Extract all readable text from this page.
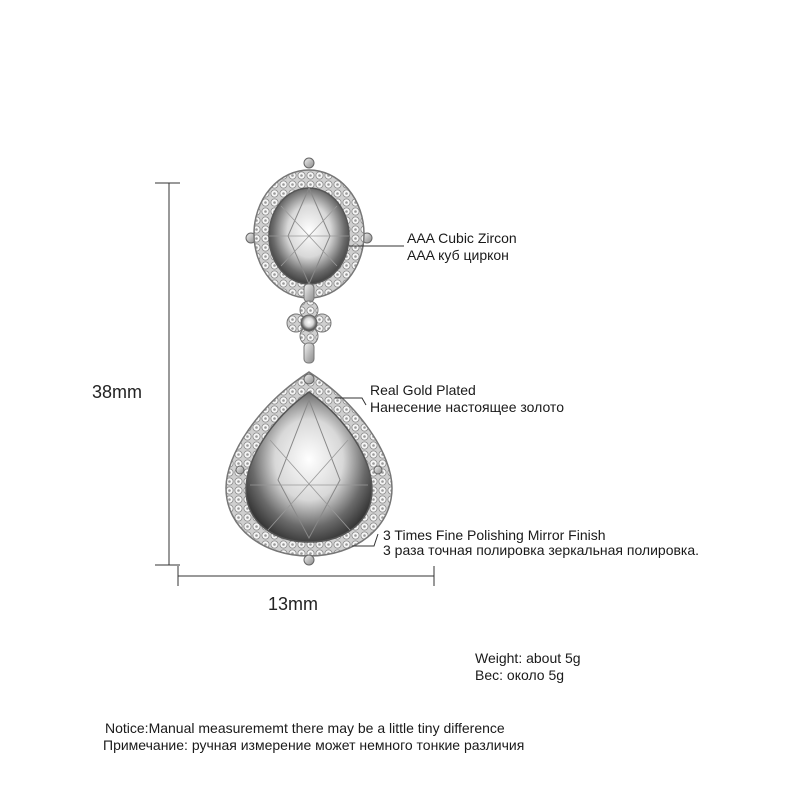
38mm
13mm
AAA Cubic Zircon
AAA куб циркон
Real Gold Plated
Нанесение настоящее золото
3 Times Fine Polishing Mirror Finish
3 раза точная полировка зеркальная полировка.
Weight: about 5g
Вес: около 5g
Notice:Manual measurememt there may be a little tiny difference
Примечание: ручная измерение может немного тонкие различия
